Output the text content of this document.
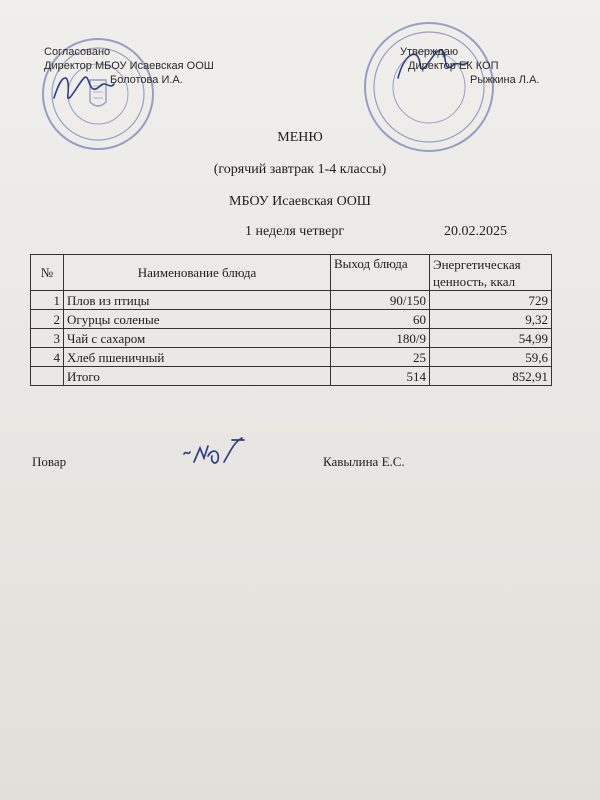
Согласовано
Директор МБОУ Исаевская ООШ
Болотова И.А.
Утверждаю
Директор ЕК КОП
Рыжкина Л.А.
МЕНЮ
(горячий завтрак 1-4 классы)
МБОУ Исаевская ООШ
1 неделя четверг	20.02.2025
№	Наименование блюда	Выход блюда	Энергетическая ценность, ккал
1	Плов из птицы	90/150	729
2	Огурцы соленые	60	9,32
3	Чай с сахаром	180/9	54,99
4	Хлеб пшеничный	25	59,6
	Итого	514	852,91
Повар	Кавылина Е.С.
